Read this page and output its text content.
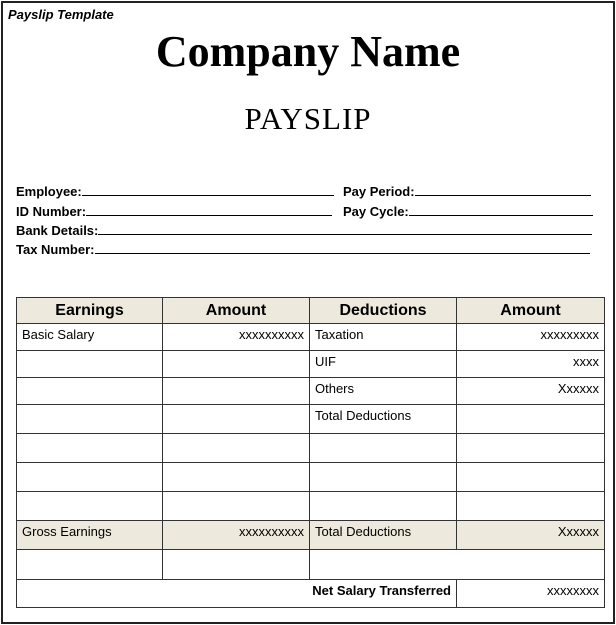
Payslip Template
Company Name
PAYSLIP
Employee:
ID Number:
Bank Details:
Tax Number:
Pay Period:
Pay Cycle:
Earnings	Amount	Deductions	Amount
Basic Salary	xxxxxxxxxx	Taxation	xxxxxxxxx
		UIF	xxxx
		Others	Xxxxxx
		Total Deductions	

Gross Earnings	xxxxxxxxxx	Total Deductions	Xxxxxx

Net Salary Transferred			xxxxxxxx
